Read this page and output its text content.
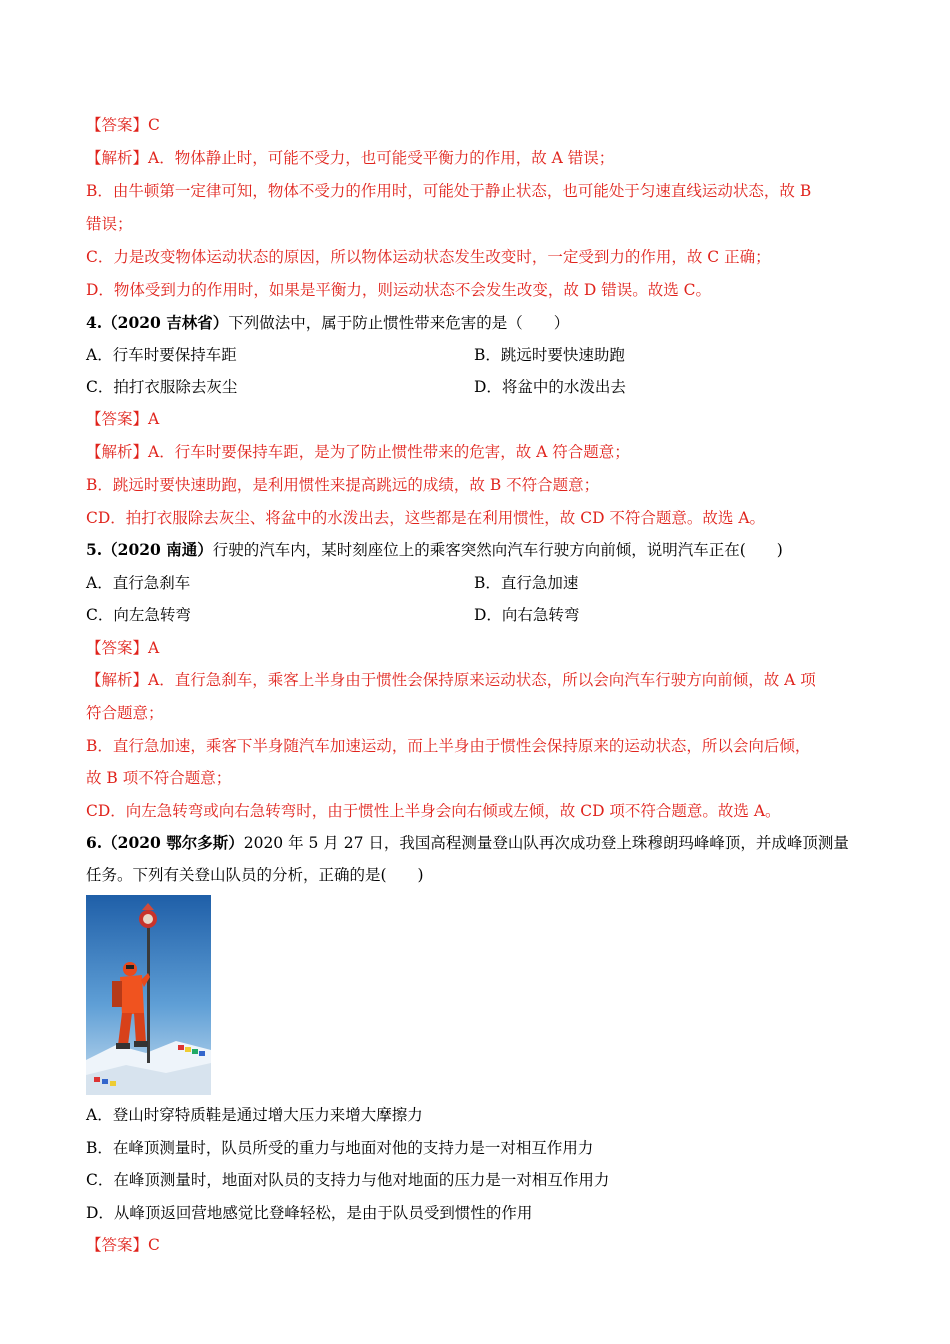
【答案】C
【解析】A．物体静止时，可能不受力，也可能受平衡力的作用，故 A 错误；
B．由牛顿第一定律可知，物体不受力的作用时，可能处于静止状态，也可能处于匀速直线运动状态，故 B
错误；
C．力是改变物体运动状态的原因，所以物体运动状态发生改变时，一定受到力的作用，故 C 正确；
D．物体受到力的作用时，如果是平衡力，则运动状态不会发生改变，故 D 错误。故选 C。
4.（2020 吉林省）下列做法中，属于防止惯性带来危害的是（　　）
A．行车时要保持车距	B．跳远时要快速助跑
C．拍打衣服除去灰尘	D．将盆中的水泼出去
【答案】A
【解析】A．行车时要保持车距，是为了防止惯性带来的危害，故 A 符合题意；
B．跳远时要快速助跑，是利用惯性来提高跳远的成绩，故 B 不符合题意；
CD．拍打衣服除去灰尘、将盆中的水泼出去，这些都是在利用惯性，故 CD 不符合题意。故选 A。
5.（2020 南通）行驶的汽车内，某时刻座位上的乘客突然向汽车行驶方向前倾，说明汽车正在(　　)
A．直行急刹车	B．直行急加速
C．向左急转弯	D．向右急转弯
【答案】A
【解析】A．直行急刹车，乘客上半身由于惯性会保持原来运动状态，所以会向汽车行驶方向前倾，故 A 项
符合题意；
B．直行急加速，乘客下半身随汽车加速运动，而上半身由于惯性会保持原来的运动状态，所以会向后倾，
故 B 项不符合题意；
CD．向左急转弯或向右急转弯时，由于惯性上半身会向右倾或左倾，故 CD 项不符合题意。故选 A。
6.（2020 鄂尔多斯）2020 年 5 月 27 日，我国高程测量登山队再次成功登上珠穆朗玛峰峰顶，并成峰顶测量
任务。下列有关登山队员的分析，正确的是(　　)
A．登山时穿特质鞋是通过增大压力来增大摩擦力
B．在峰顶测量时，队员所受的重力与地面对他的支持力是一对相互作用力
C．在峰顶测量时，地面对队员的支持力与他对地面的压力是一对相互作用力
D．从峰顶返回营地感觉比登峰轻松，是由于队员受到惯性的作用
【答案】C
